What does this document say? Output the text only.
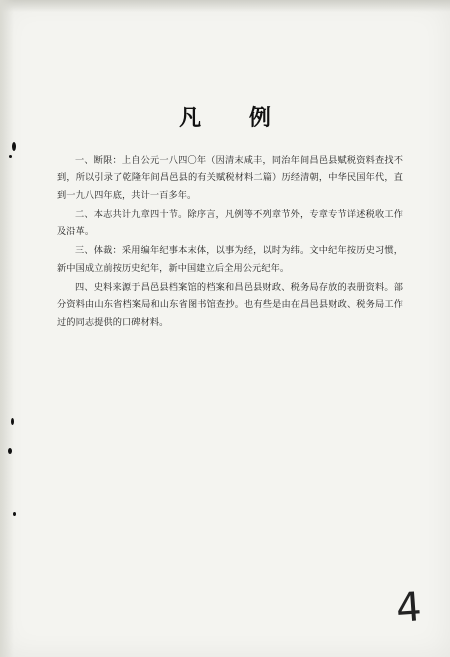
凡 例

一、断限：上自公元一八四〇年（因清末咸丰，同治年间昌邑县赋税资料查找不到，所以引录了乾隆年间昌邑县的有关赋税材料二篇）历经清朝，中华民国年代，直到一九八四年底，共计一百多年。

二、本志共计九章四十节。除序言，凡例等不列章节外，专章专节详述税收工作及沿革。

三、体裁：采用编年纪事本末体，以事为经，以时为纬。文中纪年按历史习惯，新中国成立前按历史纪年，新中国建立后全用公元纪年。

四、史料来源于昌邑县档案馆的档案和昌邑县财政、税务局存放的表册资料。部分资料由山东省档案局和山东省图书馆查抄。也有些是由在昌邑县财政、税务局工作过的同志提供的口碑材料。

4
